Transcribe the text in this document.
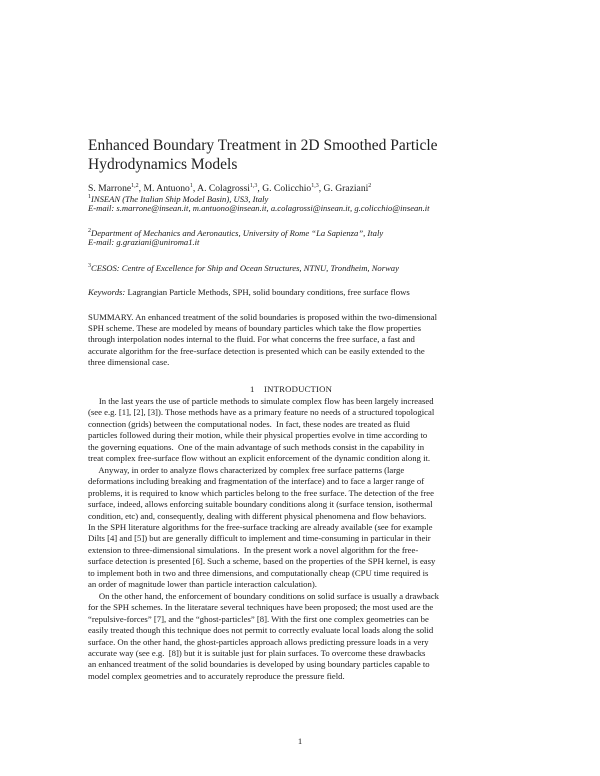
Enhanced Boundary Treatment in 2D Smoothed Particle
Hydrodynamics Models
S. Marrone$^{1,2}$, M. Antuono$^1$, A. Colagrossi$^{1,3}$, G. Colicchio$^{1,3}$, G. Graziani$^2$
$^1$INSEAN (The Italian Ship Model Basin), US3, Italy
E-mail: s.marrone@insean.it, m.antuono@insean.it, a.colagrossi@insean.it, g.colicchio@insean.it
$^2$Department of Mechanics and Aeronautics, University of Rome “La Sapienza”, Italy
E-mail: g.graziani@uniroma1.it
$^3$CESOS: Centre of Excellence for Ship and Ocean Structures, NTNU, Trondheim, Norway
Keywords: Lagrangian Particle Methods, SPH, solid boundary conditions, free surface flows
SUMMARY. An enhanced treatment of the solid boundaries is proposed within the two-dimensional
SPH scheme. These are modeled by means of boundary particles which take the flow properties
through interpolation nodes internal to the fluid. For what concerns the free surface, a fast and
accurate algorithm for the free-surface detection is presented which can be easily extended to the
three dimensional case.
1 INTRODUCTION
In the last years the use of particle methods to simulate complex flow has been largely increased
(see e.g. [1], [2], [3]). Those methods have as a primary feature no needs of a structured topological
connection (grids) between the computational nodes.  In fact, these nodes are treated as fluid
particles followed during their motion, while their physical properties evolve in time according to
the governing equations.  One of the main advantage of such methods consist in the capability in
treat complex free-surface flow without an explicit enforcement of the dynamic condition along it.
Anyway, in order to analyze flows characterized by complex free surface patterns (large
deformations including breaking and fragmentation of the interface) and to face a larger range of
problems, it is required to know which particles belong to the free surface. The detection of the free
surface, indeed, allows enforcing suitable boundary conditions along it (surface tension, isothermal
condition, etc) and, consequently, dealing with different physical phenomena and flow behaviors.
In the SPH literature algorithms for the free-surface tracking are already available (see for example
Dilts [4] and [5]) but are generally difficult to implement and time-consuming in particular in their
extension to three-dimensional simulations.  In the present work a novel algorithm for the free-
surface detection is presented [6]. Such a scheme, based on the properties of the SPH kernel, is easy
to implement both in two and three dimensions, and computationally cheap (CPU time required is
an order of magnitude lower than particle interaction calculation).
On the other hand, the enforcement of boundary conditions on solid surface is usually a drawback
for the SPH schemes. In the literatare several techniques have been proposed; the most used are the
“repulsive-forces” [7], and the “ghost-particles” [8]. With the first one complex geometries can be
easily treated though this technique does not permit to correctly evaluate local loads along the solid
surface. On the other hand, the ghost-particles approach allows predicting pressure loads in a very
accurate way (see e.g.  [8]) but it is suitable just for plain surfaces. To overcome these drawbacks
an enhanced treatment of the solid boundaries is developed by using boundary particles capable to
model complex geometries and to accurately reproduce the pressure field.
1
